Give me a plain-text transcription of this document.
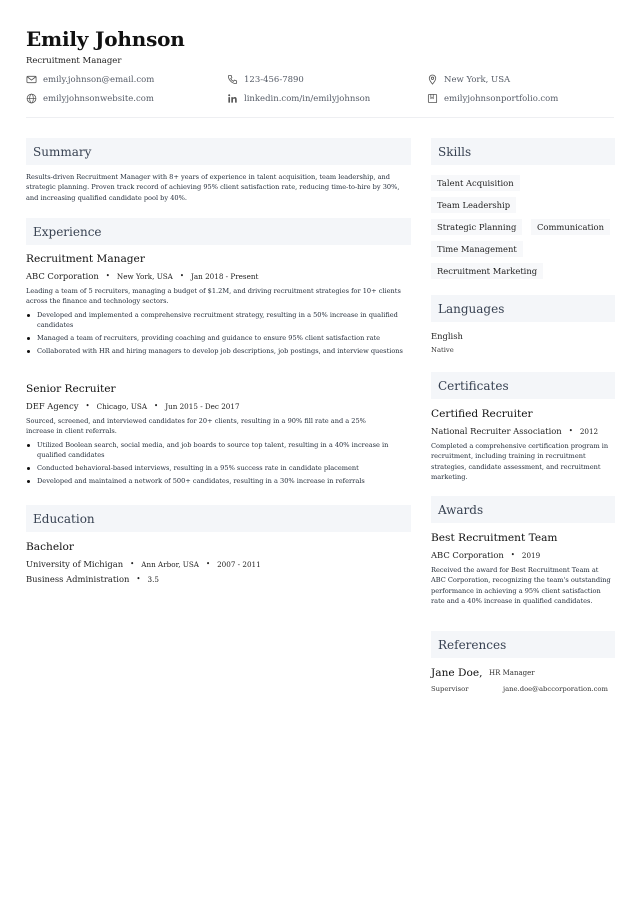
Emily Johnson
Recruitment Manager
emily.johnson@email.com	123-456-7890	New York, USA
emilyjohnsonwebsite.com	linkedin.com/in/emilyjohnson	emilyjohnsonportfolio.com
Summary
Results-driven Recruitment Manager with 8+ years of experience in talent acquisition, team leadership, and strategic planning. Proven track record of achieving 95% client satisfaction rate, reducing time-to-hire by 30%, and increasing qualified candidate pool by 40%.
Experience
Recruitment Manager
ABC Corporation • New York, USA • Jan 2018 - Present
Leading a team of 5 recruiters, managing a budget of $1.2M, and driving recruitment strategies for 10+ clients across the finance and technology sectors.
Developed and implemented a comprehensive recruitment strategy, resulting in a 50% increase in qualified candidates
Managed a team of recruiters, providing coaching and guidance to ensure 95% client satisfaction rate
Collaborated with HR and hiring managers to develop job descriptions, job postings, and interview questions
Senior Recruiter
DEF Agency • Chicago, USA • Jun 2015 - Dec 2017
Sourced, screened, and interviewed candidates for 20+ clients, resulting in a 90% fill rate and a 25% increase in client referrals.
Utilized Boolean search, social media, and job boards to source top talent, resulting in a 40% increase in qualified candidates
Conducted behavioral-based interviews, resulting in a 95% success rate in candidate placement
Developed and maintained a network of 500+ candidates, resulting in a 30% increase in referrals
Education
Bachelor
University of Michigan • Ann Arbor, USA • 2007 - 2011
Business Administration • 3.5
Skills
Talent Acquisition
Team Leadership
Strategic Planning	Communication
Time Management
Recruitment Marketing
Languages
English
Native
Certificates
Certified Recruiter
National Recruiter Association • 2012
Completed a comprehensive certification program in recruitment, including training in recruitment strategies, candidate assessment, and recruitment marketing.
Awards
Best Recruitment Team
ABC Corporation • 2019
Received the award for Best Recruitment Team at ABC Corporation, recognizing the team's outstanding performance in achieving a 95% client satisfaction rate and a 40% increase in qualified candidates.
References
Jane Doe, HR Manager
Supervisor	jane.doe@abccorporation.com
